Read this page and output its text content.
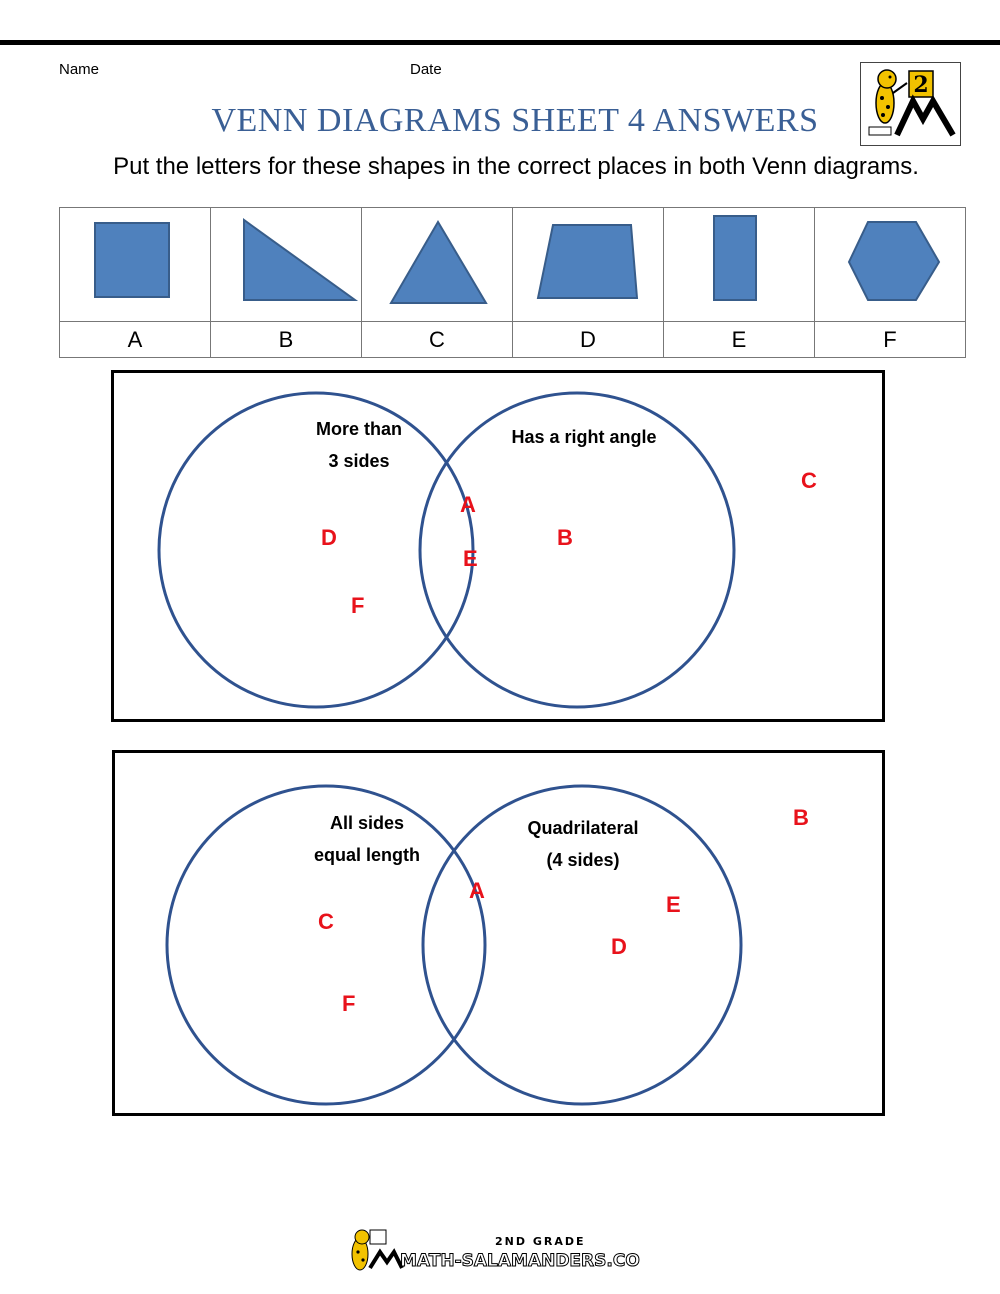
Name	Date
2
VENN DIAGRAMS SHEET 4 ANSWERS
Put the letters for these shapes in the correct places in both Venn diagrams.

A	B	C	D	E	F
More than
3 sides
Has a right angle
D
F
A
E
B
C
All sides
equal length
Quadrilateral
(4 sides)
C
F
A
E
D
B
2ND GRADE
MATH-SALAMANDERS.COM
